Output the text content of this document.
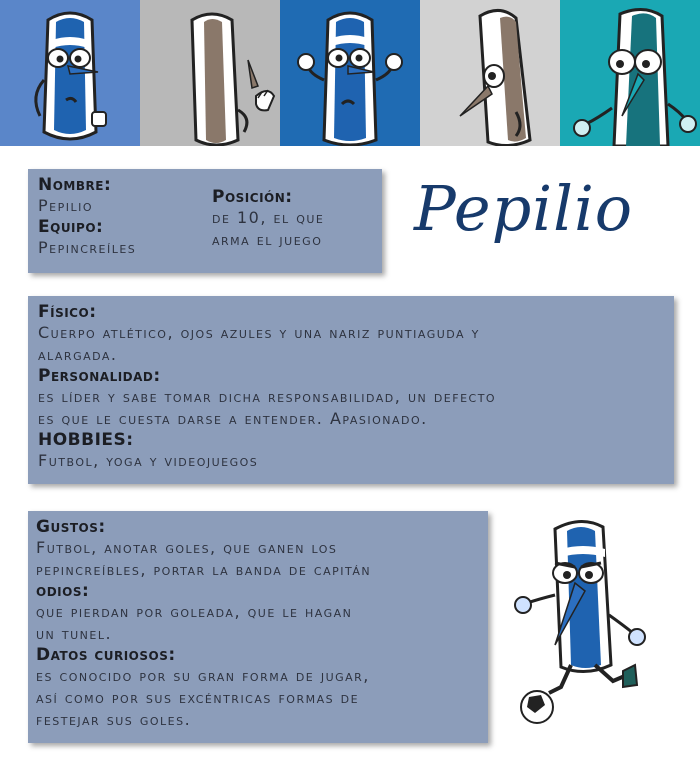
Nombre:
Pepilio
Equipo:
Pepincreíles
Posición:
de 10, el que
arma el juego Pepilio
Físico:
Cuerpo atlético, ojos azules y una nariz puntiaguda y
alargada.
Personalidad:
es líder y sabe tomar dicha responsabilidad, un defecto
es que le cuesta darse a entender. Apasionado.
HOBBIES:
Futbol, yoga y videojuegos
Gustos:
Futbol, anotar goles, que ganen los
pepincreíbles, portar la banda de capitán
odios:
que pierdan por goleada, que le hagan
un tunel.
Datos curiosos:
es conocido por su gran forma de jugar,
así como por sus excéntricas formas de
festejar sus goles.
